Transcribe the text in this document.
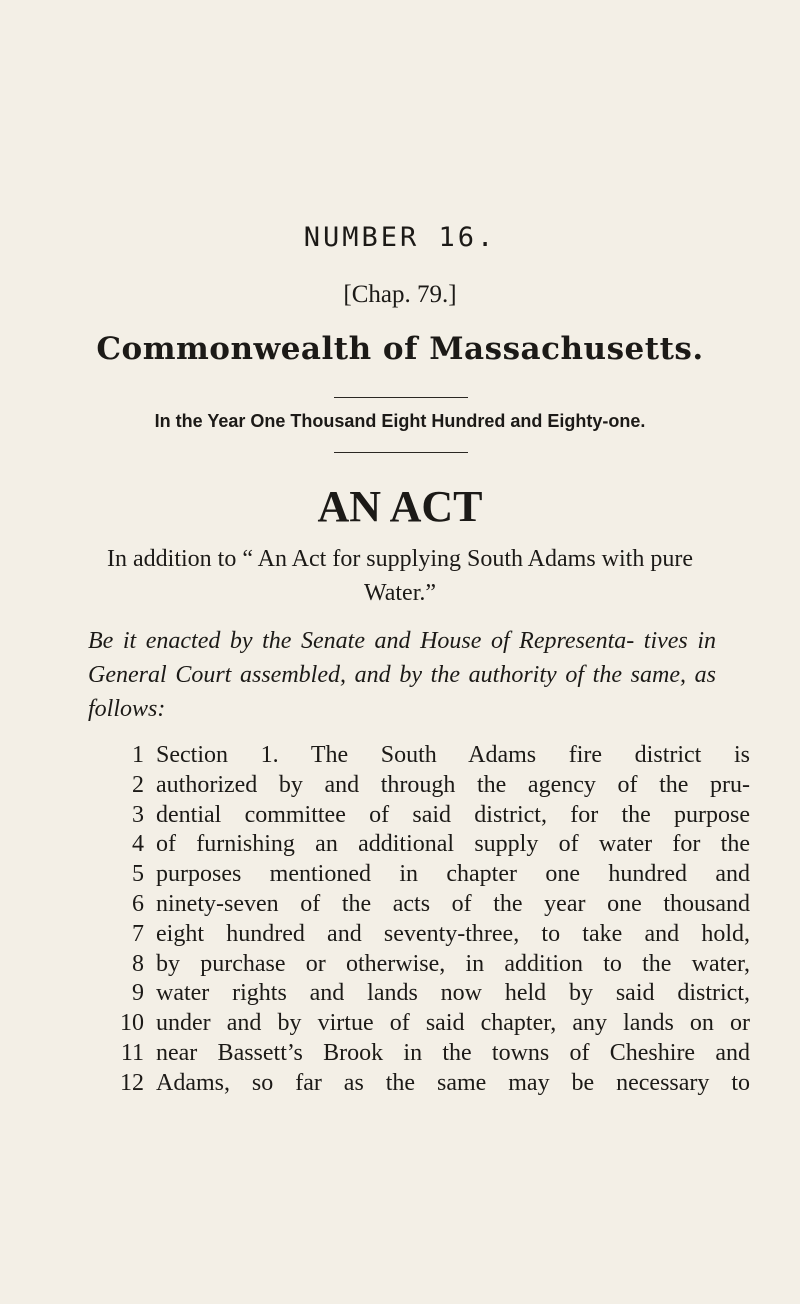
NUMBER 16.
[Chap. 79.]
Commonwealth of Massachusetts.
In the Year One Thousand Eight Hundred and Eighty-one.
AN ACT
In addition to “ An Act for supplying South Adams with pure Water.”
Be it enacted by the Senate and House of Representa- tives in General Court assembled, and by the authority of the same, as follows:
1 Section 1. The South Adams fire district is
2 authorized by and through the agency of the pru-
3 dential committee of said district, for the purpose
4 of furnishing an additional supply of water for the
5 purposes mentioned in chapter one hundred and
6 ninety-seven of the acts of the year one thousand
7 eight hundred and seventy-three, to take and hold,
8 by purchase or otherwise, in addition to the water,
9 water rights and lands now held by said district,
10 under and by virtue of said chapter, any lands on or
11 near Bassett’s Brook in the towns of Cheshire and
12 Adams, so far as the same may be necessary to
